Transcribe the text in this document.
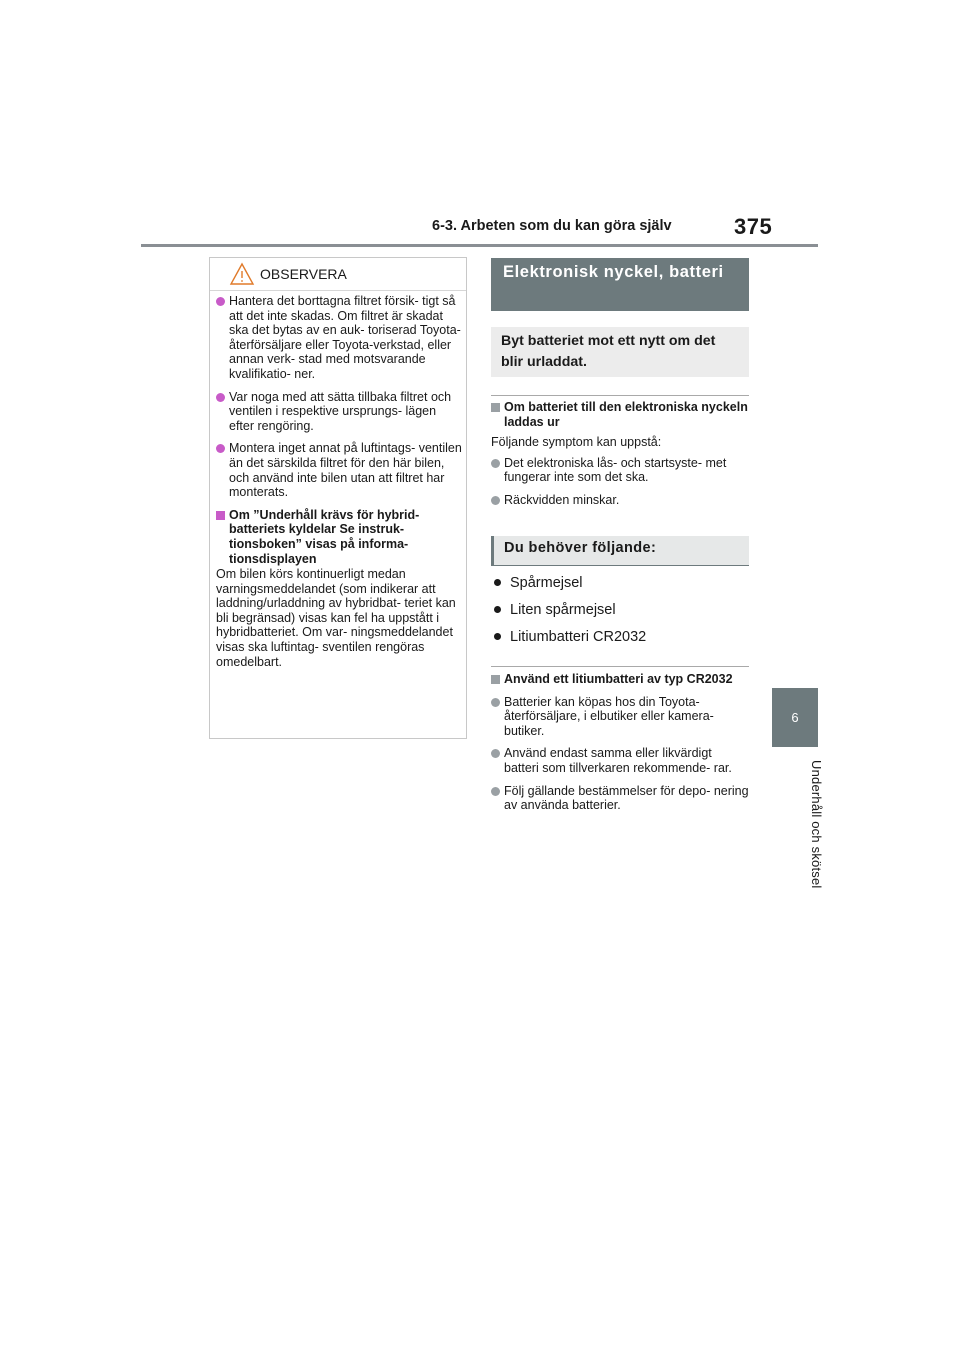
6-3. Arbeten som du kan göra själv	375
6
Underhåll och skötsel
OBSERVERA
Hantera det borttagna filtret försik- tigt så att det inte skadas. Om filtret är skadat ska det bytas av en auk- toriserad Toyota-återförsäljare eller Toyota-verkstad, eller annan verk- stad med motsvarande kvalifikatio- ner.
Var noga med att sätta tillbaka filtret och ventilen i respektive ursprungs- lägen efter rengöring.
Montera inget annat på luftintags- ventilen än det särskilda filtret för den här bilen, och använd inte bilen utan att filtret har monterats.
Om ”Underhåll krävs för hybrid- batteriets kyldelar Se instruk- tionsboken” visas på informa- tionsdisplayen
Om bilen körs kontinuerligt medan varningsmeddelandet (som indikerar att laddning/urladdning av hybridbat- teriet kan bli begränsad) visas kan fel ha uppstått i hybridbatteriet. Om var- ningsmeddelandet visas ska luftintag- sventilen rengöras omedelbart.
Elektronisk nyckel, batteri
Byt batteriet mot ett nytt om det blir urladdat.
Om batteriet till den elektroniska nyckeln laddas ur
Följande symptom kan uppstå:
Det elektroniska lås- och startsyste- met fungerar inte som det ska.
Räckvidden minskar.
Du behöver följande:
Spårmejsel
Liten spårmejsel
Litiumbatteri CR2032
Använd ett litiumbatteri av typ CR2032
Batterier kan köpas hos din Toyota- återförsäljare, i elbutiker eller kamera- butiker.
Använd endast samma eller likvärdigt batteri som tillverkaren rekommende- rar.
Följ gällande bestämmelser för depo- nering av använda batterier.
